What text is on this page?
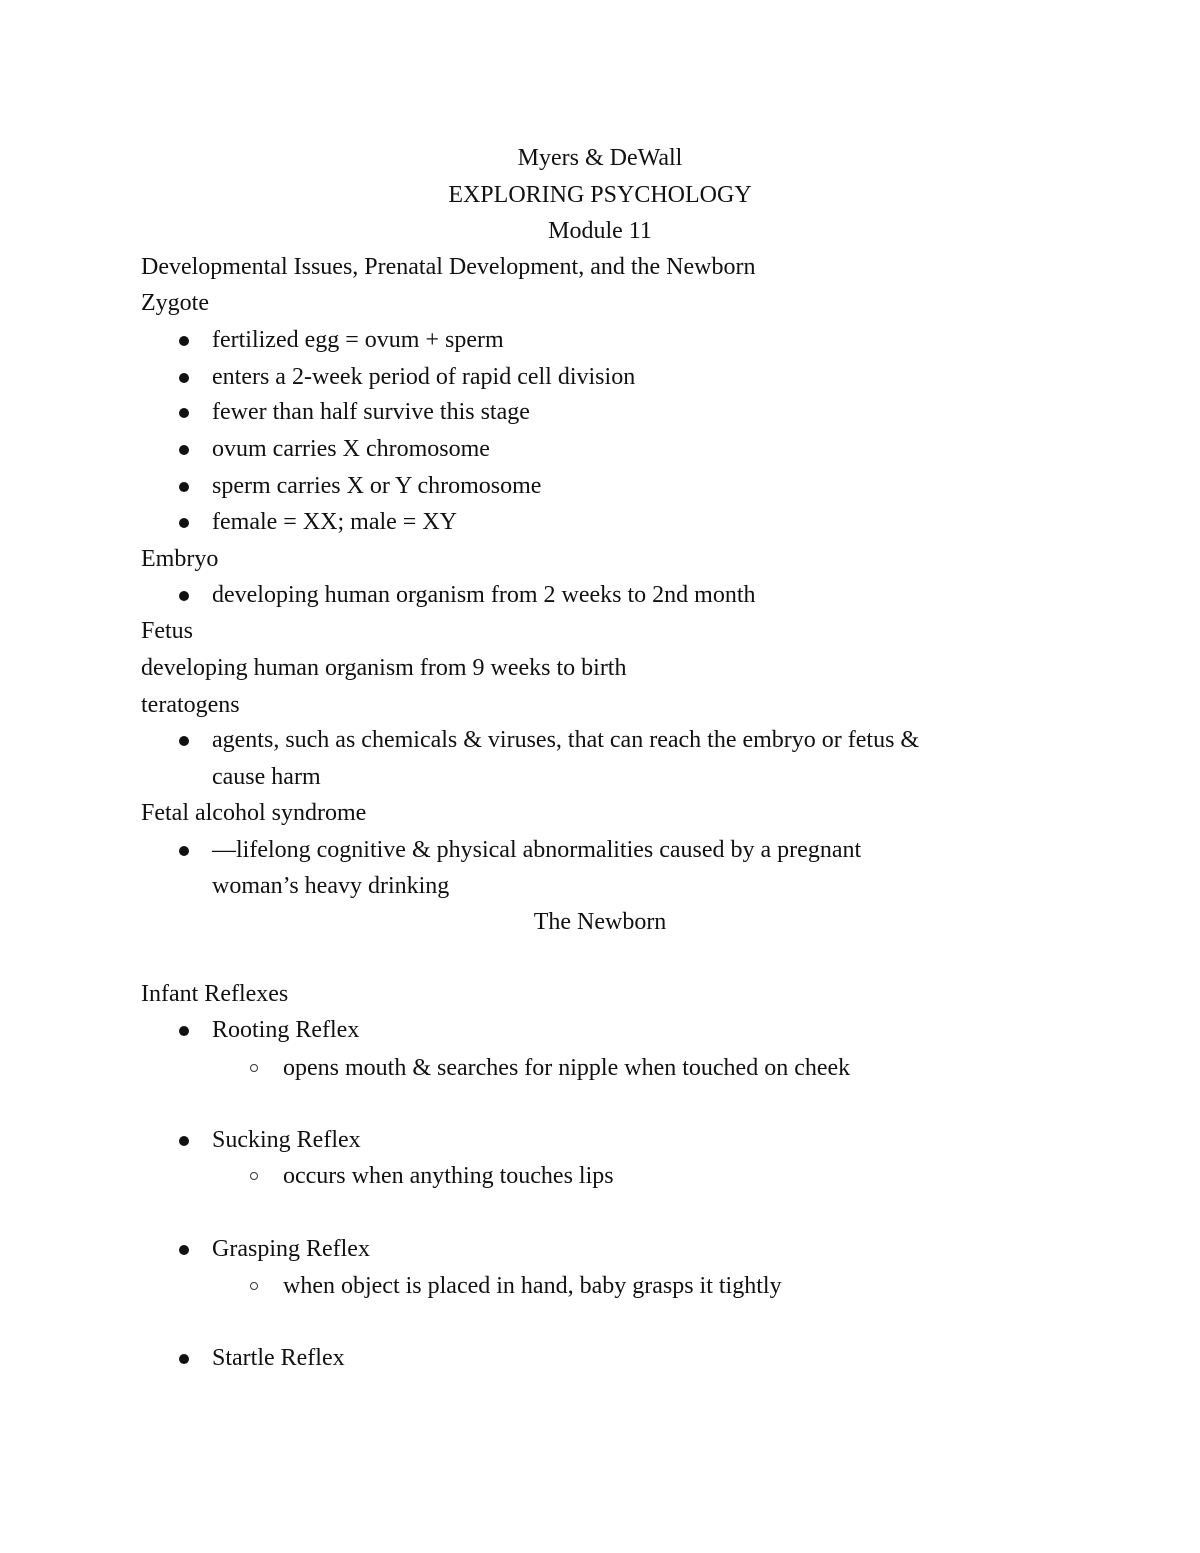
Myers & DeWall
EXPLORING PSYCHOLOGY
Module 11
Developmental Issues, Prenatal Development, and the Newborn
Zygote
fertilized egg = ovum + sperm
enters a 2-week period of rapid cell division
fewer than half survive this stage
ovum carries X chromosome
sperm carries X or Y chromosome
female = XX; male = XY
Embryo
developing human organism from 2 weeks to 2nd month
Fetus
developing human organism from 9 weeks to birth
teratogens
agents, such as chemicals & viruses, that can reach the embryo or fetus &
cause harm
Fetal alcohol syndrome
—lifelong cognitive & physical abnormalities caused by a pregnant
woman’s heavy drinking
The Newborn
Infant Reflexes
Rooting Reflex
opens mouth & searches for nipple when touched on cheek
Sucking Reflex
occurs when anything touches lips
Grasping Reflex
when object is placed in hand, baby grasps it tightly
Startle Reflex
